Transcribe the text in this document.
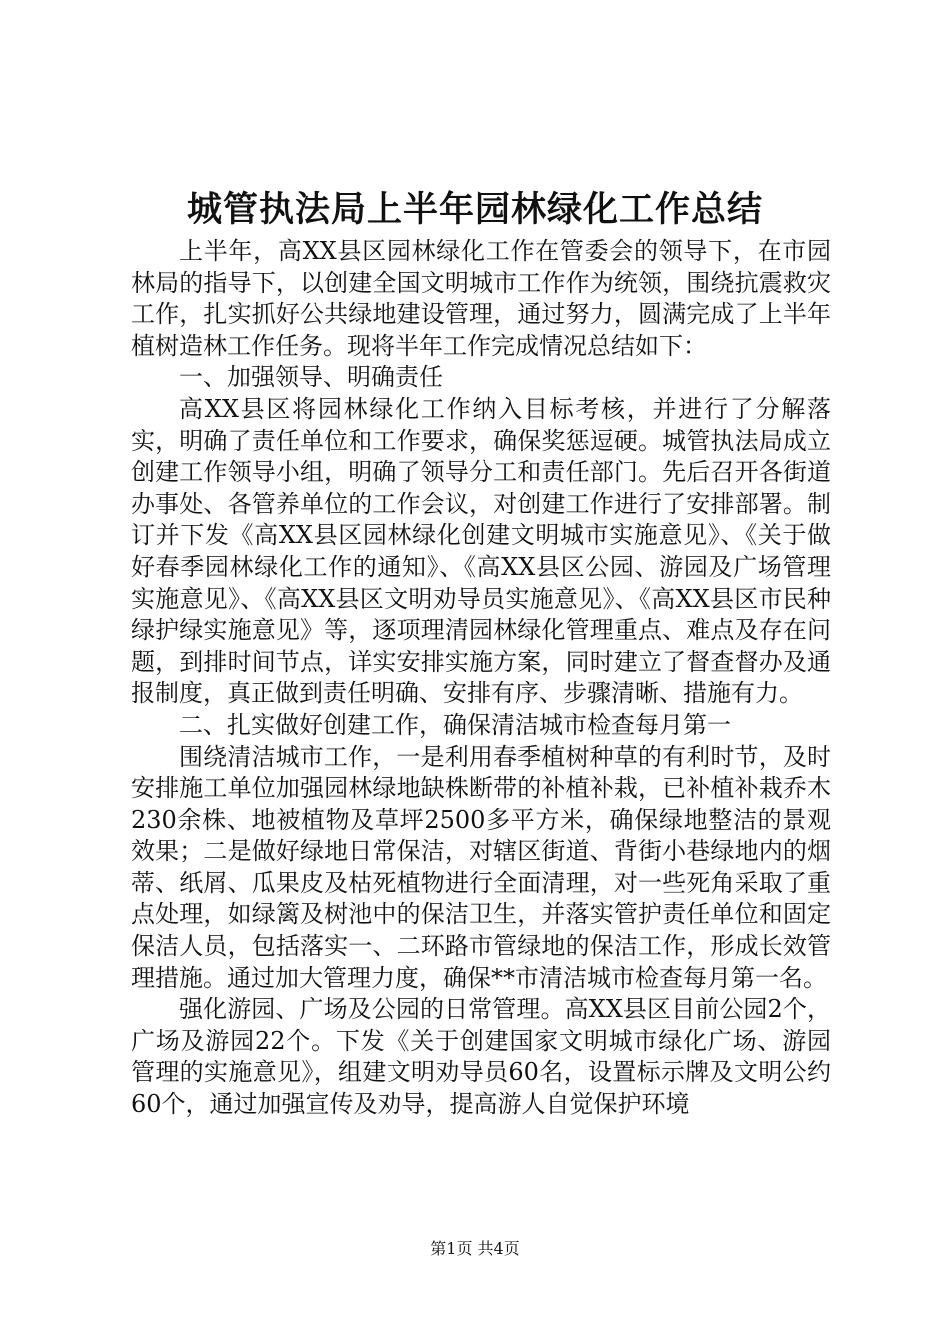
城管执法局上半年园林绿化工作总结

上半年，高XX县区园林绿化工作在管委会的领导下，在市园林局的指导下，以创建全国文明城市工作作为统领，围绕抗震救灾工作，扎实抓好公共绿地建设管理，通过努力，圆满完成了上半年植树造林工作任务。现将半年工作完成情况总结如下：

一、加强领导、明确责任

高XX县区将园林绿化工作纳入目标考核，并进行了分解落实，明确了责任单位和工作要求，确保奖惩逗硬。城管执法局成立创建工作领导小组，明确了领导分工和责任部门。先后召开各街道办事处、各管养单位的工作会议，对创建工作进行了安排部署。制订并下发《高XX县区园林绿化创建文明城市实施意见》、《关于做好春季园林绿化工作的通知》、《高XX县区公园、游园及广场管理实施意见》、《高XX县区文明劝导员实施意见》、《高XX县区市民种绿护绿实施意见》等，逐项理清园林绿化管理重点、难点及存在问题，到排时间节点，详实安排实施方案，同时建立了督查督办及通报制度，真正做到责任明确、安排有序、步骤清晰、措施有力。

二、扎实做好创建工作，确保清洁城市检查每月第一

围绕清洁城市工作，一是利用春季植树种草的有利时节，及时安排施工单位加强园林绿地缺株断带的补植补栽，已补植补栽乔木230余株、地被植物及草坪2500多平方米，确保绿地整洁的景观效果；二是做好绿地日常保洁，对辖区街道、背街小巷绿地内的烟蒂、纸屑、瓜果皮及枯死植物进行全面清理，对一些死角采取了重点处理，如绿篱及树池中的保洁卫生，并落实管护责任单位和固定保洁人员，包括落实一、二环路市管绿地的保洁工作，形成长效管理措施。通过加大管理力度，确保**市清洁城市检查每月第一名。

强化游园、广场及公园的日常管理。高XX县区目前公园2个，广场及游园22个。下发《关于创建国家文明城市绿化广场、游园管理的实施意见》，组建文明劝导员60名，设置标示牌及文明公约60个，通过加强宣传及劝导，提高游人自觉保护环境

第1页 共4页
